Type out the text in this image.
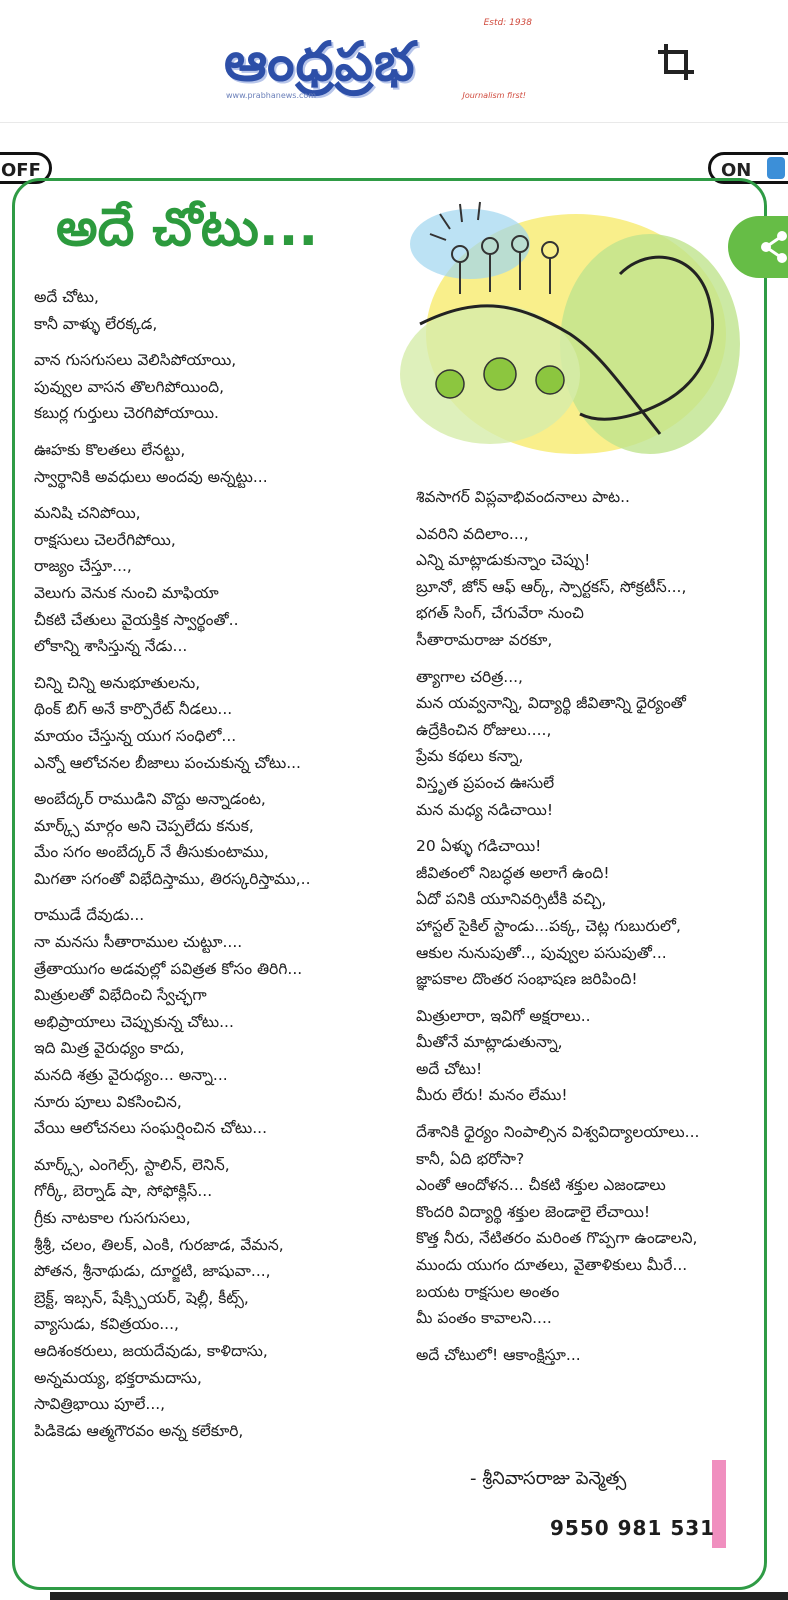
Estd: 1938
ఆంధ్రప్రభ
www.prabhanews.com	Journalism first!
OFF	ON
అదే చోటు...
అదే చోటు,
కానీ వాళ్ళు లేరక్కడ,
వాన గుసగుసలు వెలిసిపోయాయి,
పువ్వుల వాసన తొలగిపోయింది,
కబుర్ల గుర్తులు చెరగిపోయాయి.
ఊహకు కొలతలు లేనట్టు,
స్వార్థానికి అవధులు అందవు అన్నట్టు...
మనిషి చనిపోయి,
రాక్షసులు చెలరేగిపోయి,
రాజ్యం చేస్తూ...,
వెలుగు వెనుక నుంచి మాఫియా
చీకటి చేతులు వైయక్తిక స్వార్థంతో..
లోకాన్ని శాసిస్తున్న నేడు...
చిన్ని చిన్ని అనుభూతులను,
థింక్ బిగ్ అనే కార్పొరేట్ నీడలు...
మాయం చేస్తున్న యుగ సంధిలో...
ఎన్నో ఆలోచనల బీజాలు పంచుకున్న చోటు...
అంబేద్కర్ రాముడిని వొద్దు అన్నాడంట,
మార్క్స్ మార్గం అని చెప్పలేదు కనుక,
మేం సగం అంబేద్కర్ నే తీసుకుంటాము,
మిగతా సగంతో విభేదిస్తాము, తిరస్కరిస్తాము,..
రాముడే దేవుడు...
నా మనసు సీతారాముల చుట్టూ....
త్రేతాయుగం అడవుల్లో పవిత్రత కోసం తిరిగి...
మిత్రులతో విభేదించి స్వేచ్ఛగా
అభిప్రాయాలు చెప్పుకున్న చోటు...
ఇది మిత్ర వైరుధ్యం కాదు,
మనది శత్రు వైరుధ్యం... అన్నా...
నూరు పూలు వికసించిన,
వేయి ఆలోచనలు సంఘర్షించిన చోటు...
మార్క్స్, ఎంగెల్స్, స్టాలిన్, లెనిన్,
గోర్కీ, బెర్నాడ్ షా, సోఫోక్లిస్...
గ్రీకు నాటకాల గుసగుసలు,
శ్రీశ్రీ, చలం, తిలక్, ఎంకి, గురజాడ, వేమన,
పోతన, శ్రీనాథుడు, దూర్జటి, జాషువా...,
బ్రెక్ట్, ఇబ్సన్, షేక్స్పియర్, షెల్లీ, కీట్స్,
వ్యాసుడు, కవిత్రయం...,
ఆదిశంకరులు, జయదేవుడు, కాళిదాసు,
అన్నమయ్య, భక్తరామదాసు,
సావిత్రిభాయి పూలే...,
పిడికెడు ఆత్మగౌరవం అన్న కలేకూరి,
శివసాగర్ విప్లవాభివందనాలు పాట..
ఎవరిని వదిలాం...,
ఎన్ని మాట్లాడుకున్నాం చెప్పు!
బ్రూనో, జోన్ ఆఫ్ ఆర్క్, స్పార్టకస్, సోక్రటీస్...,
భగత్ సింగ్, చేగువేరా నుంచి
సీతారామరాజు వరకూ,
త్యాగాల చరిత్ర...,
మన యవ్వనాన్ని, విద్యార్థి జీవితాన్ని ధైర్యంతో
ఉద్రేకించిన రోజులు....,
ప్రేమ కథలు కన్నా,
విస్తృత ప్రపంచ ఊసులే
మన మధ్య నడిచాయి!
20 ఏళ్ళు గడిచాయి!
జీవితంలో నిబద్ధత అలాగే ఉంది!
ఏదో పనికి యూనివర్సిటీకి వచ్చి,
హాస్టల్ సైకిల్ స్టాండు...పక్క, చెట్ల గుబురులో,
ఆకుల నునుపుతో.., పువ్వుల పసుపుతో...
జ్ఞాపకాల దొంతర సంభాషణ జరిపింది!
మిత్రులారా, ఇవిగో అక్షరాలు..
మీతోనే మాట్లాడుతున్నా,
అదే చోటు!
మీరు లేరు! మనం లేము!
దేశానికి ధైర్యం నింపాల్సిన విశ్వవిద్యాలయాలు...
కానీ, ఏది భరోసా?
ఎంతో ఆందోళన... చీకటి శక్తుల ఎజండాలు
కొందరి విద్యార్థి శక్తుల జెండాలై లేచాయి!
కొత్త నీరు, నేటితరం మరింత గొప్పగా ఉండాలని,
ముందు యుగం దూతలు, వైతాళికులు మీరే...
బయట రాక్షసుల అంతం
మీ పంతం కావాలని....
అదే చోటులో! ఆకాంక్షిస్తూ...
- శ్రీనివాసరాజు పెన్మెత్స
9550 981 531
